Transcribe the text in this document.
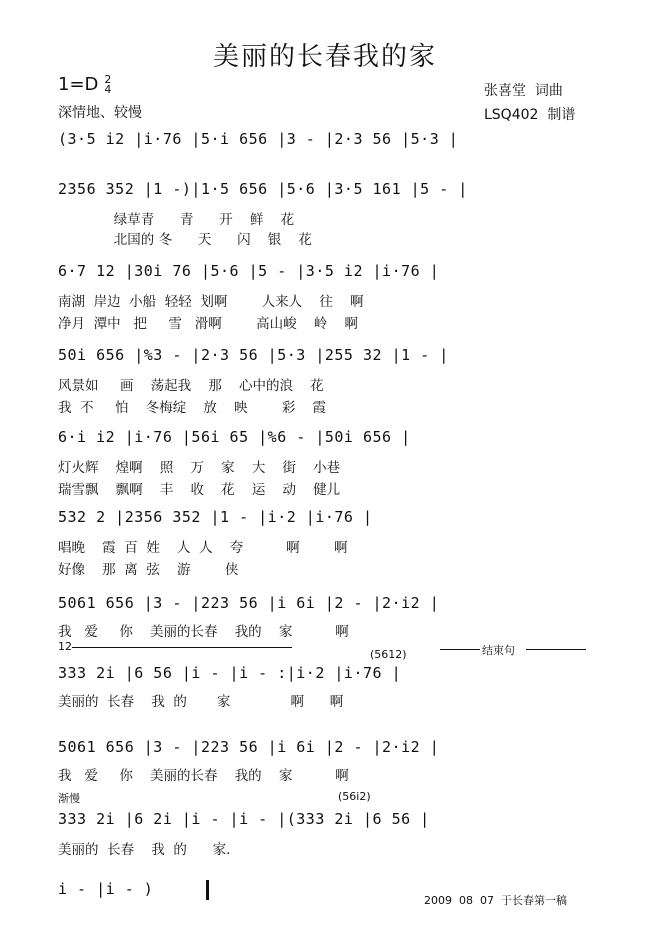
美丽的长春我的家
1=D 2
4
深情地、较慢
张喜堂  词曲
LSQ402  制谱
(3·5 i2 |i·76 |5·i 656 |3 - |2·3 56 |5·3 |
2356 352 |1 -)|1·5 656 |5·6 |3·5 161 |5 - |
绿草青      青      开    鲜    花
北国的 冬      天      闪    银    花
6·7 12 |30i 76 |5·6 |5 - |3·5 i2 |i·76 |
南湖  岸边  小船  轻轻  划啊        人来人    往    啊
净月  潭中   把     雪   滑啊        高山峻    岭    啊
50i 656 |%3 - |2·3 56 |5·3 |255 32 |1 - |
风景如     画    荡起我    那    心中的浪    花
我  不     怕    冬梅绽    放    映        彩    霞
6·i i2 |i·76 |56i 65 |%6 - |50i 656 |
灯火辉    煌啊    照    万    家    大    街    小巷
瑞雪飘    飘啊    丰    收    花    运    动    健儿
532 2 |2356 352 |1 - |i·2 |i·76 |
唱晚    霞  百  姓    人  人    夸          啊        啊
好像    那  离  弦    游        侠
5061 656 |3 - |223 56 |i 6i |2 - |2·i2 |
我   爱     你    美丽的长春    我的    家          啊
12
(5612)	结束句
333 2i |6 56 |i - |i - :|i·2 |i·76 |
美丽的  长春    我  的       家              啊      啊
5061 656 |3 - |223 56 |i 6i |2 - |2·i2 |
我   爱     你    美丽的长春    我的    家          啊
渐慢	(56i2)
333 2i |6 2i |i - |i - |(333 2i |6 56 |
美丽的  长春    我  的      家.
i - |i - )
2009  08  07  于长春第一稿
